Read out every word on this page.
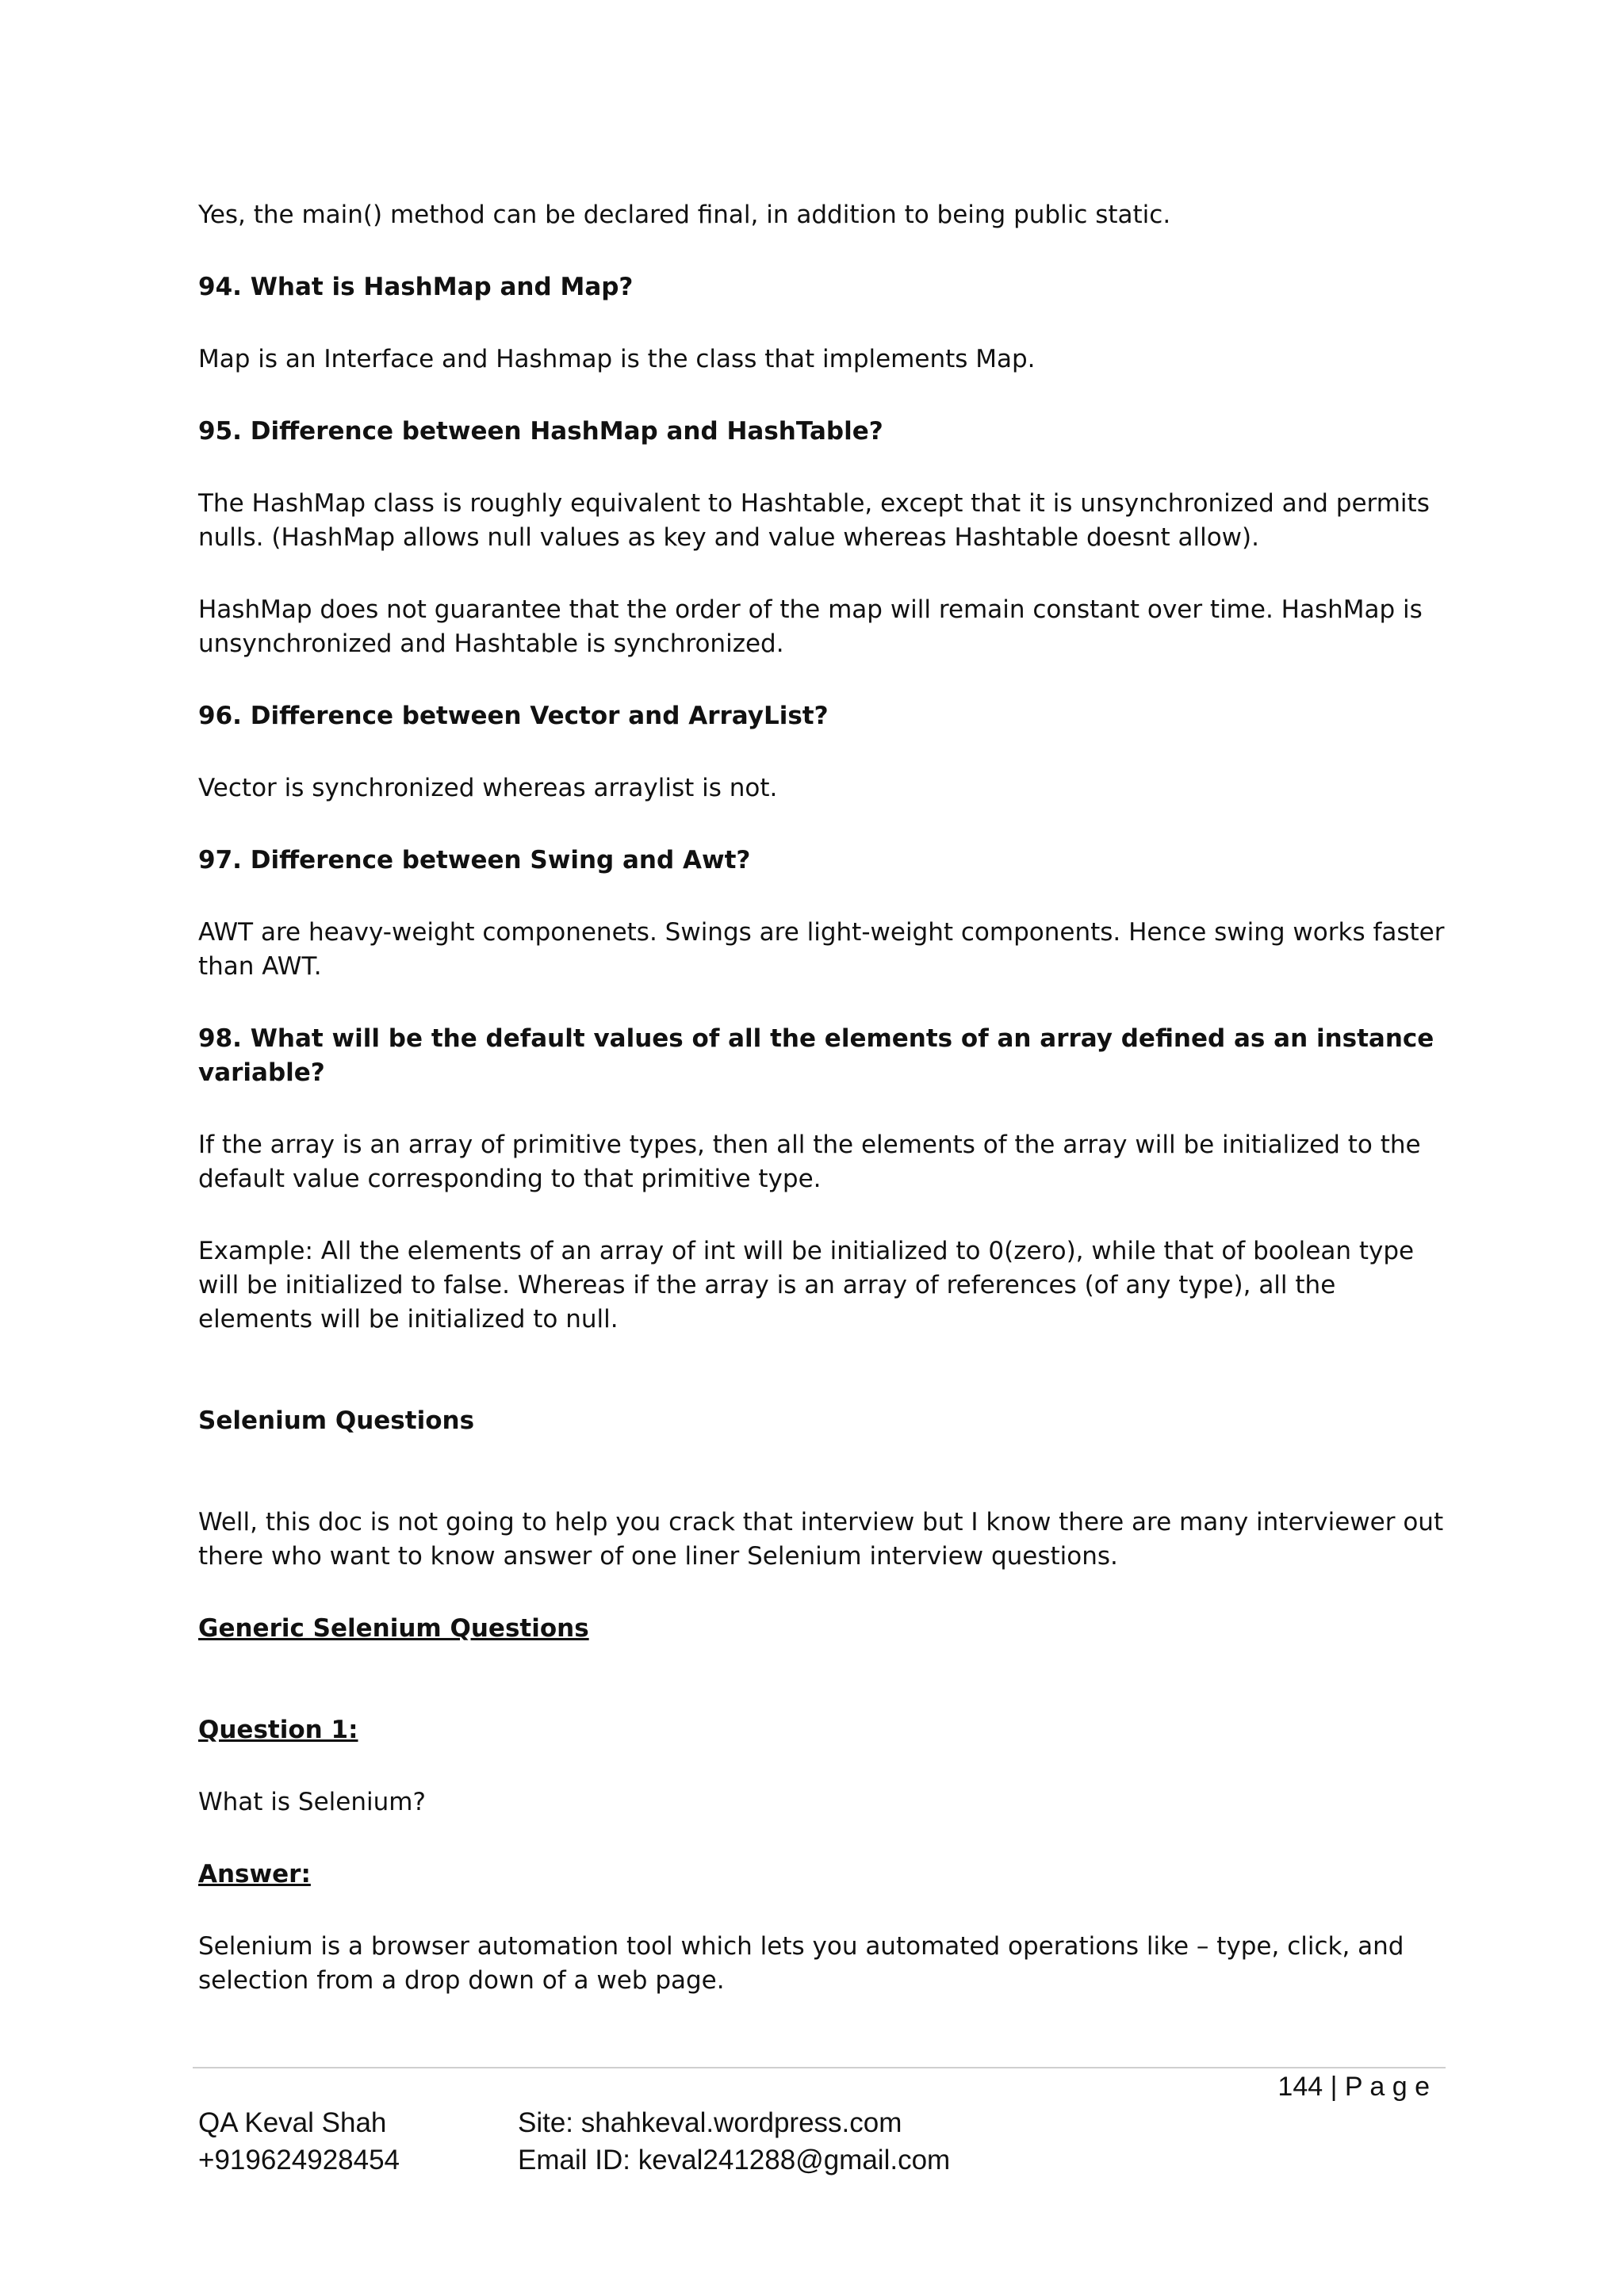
Yes, the main() method can be declared final, in addition to being public static.

94. What is HashMap and Map?

Map is an Interface and Hashmap is the class that implements Map.

95. Difference between HashMap and HashTable?

The HashMap class is roughly equivalent to Hashtable, except that it is unsynchronized and permits nulls. (HashMap allows null values as key and value whereas Hashtable doesnt allow).

HashMap does not guarantee that the order of the map will remain constant over time. HashMap is unsynchronized and Hashtable is synchronized.

96. Difference between Vector and ArrayList?

Vector is synchronized whereas arraylist is not.

97. Difference between Swing and Awt?

AWT are heavy-weight componenets. Swings are light-weight components. Hence swing works faster than AWT.

98. What will be the default values of all the elements of an array defined as an instance variable?

If the array is an array of primitive types, then all the elements of the array will be initialized to the default value corresponding to that primitive type.

Example: All the elements of an array of int will be initialized to 0(zero), while that of boolean type will be initialized to false. Whereas if the array is an array of references (of any type), all the elements will be initialized to null.

Selenium Questions

Well, this doc is not going to help you crack that interview but I know there are many interviewer out there who want to know answer of one liner Selenium interview questions.

Generic Selenium Questions

Question 1:

What is Selenium?

Answer:

Selenium is a browser automation tool which lets you automated operations like – type, click, and selection from a drop down of a web page.

144 | P a g e
QA Keval Shah
+919624928454
Site: shahkeval.wordpress.com
Email ID: keval241288@gmail.com
